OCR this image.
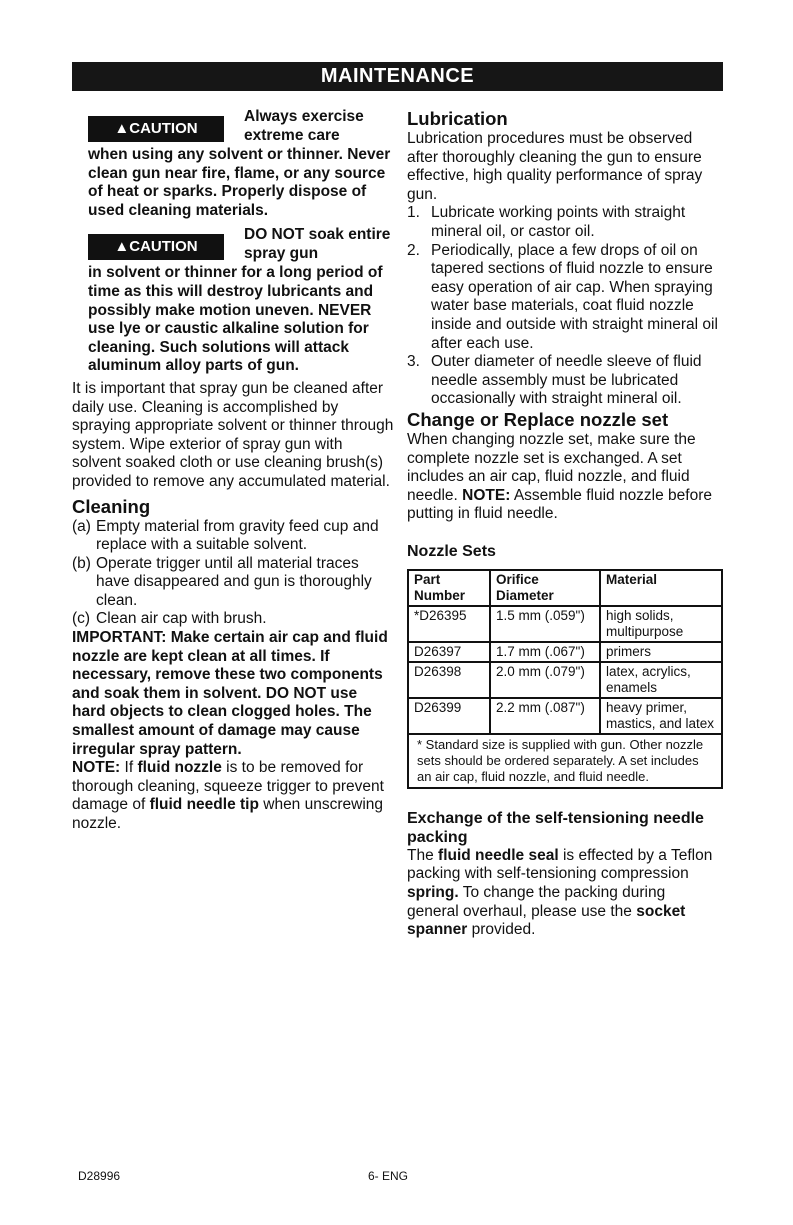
MAINTENANCE
▲CAUTION

Always exercise extreme care

when using any solvent or thinner. Never clean gun near fire, flame, or any source of heat or sparks. Properly dispose of used cleaning materials.

▲CAUTION

DO NOT soak entire spray gun

in solvent or thinner for a long period of time as this will destroy lubricants and possibly make motion uneven. NEVER use lye or caustic alkaline solution for cleaning. Such solutions will attack aluminum alloy parts of gun.

It is important that spray gun be cleaned after daily use. Cleaning is accomplished by spraying appropriate solvent or thinner through system. Wipe exterior of spray gun with solvent soaked cloth or use cleaning brush(s) provided to remove any accumulated material.

Cleaning
(a) Empty material from gravity feed cup and replace with a suitable solvent.
(b) Operate trigger until all material traces have disappeared and gun is thoroughly clean.
(c) Clean air cap with brush.

IMPORTANT: Make certain air cap and fluid nozzle are kept clean at all times. If necessary, remove these two components and soak them in solvent. DO NOT use hard objects to clean clogged holes. The smallest amount of damage may cause irregular spray pattern.

NOTE: If fluid nozzle is to be removed for thorough cleaning, squeeze trigger to prevent damage of fluid needle tip when unscrewing nozzle.

Lubrication

Lubrication procedures must be observed after thoroughly cleaning the gun to ensure effective, high quality performance of spray gun.

1. Lubricate working points with straight mineral oil, or castor oil.
2. Periodically, place a few drops of oil on tapered sections of fluid nozzle to ensure easy operation of air cap. When spraying water base materials, coat fluid nozzle inside and outside with straight mineral oil after each use.
3. Outer diameter of needle sleeve of fluid needle assembly must be lubricated occasionally with straight mineral oil.
Change or Replace nozzle set

When changing nozzle set, make sure the complete nozzle set is exchanged. A set includes an air cap, fluid nozzle, and fluid needle. NOTE: Assemble fluid nozzle before putting in fluid needle.

Nozzle Sets
Part Number	Orifice Diameter	Material
*D26395	1.5 mm (.059")	high solids, multipurpose
D26397	1.7 mm (.067")	primers
D26398	2.0 mm (.079")	latex, acrylics, enamels
D26399	2.2 mm (.087")	heavy primer, mastics, and latex
* Standard size is supplied with gun. Other nozzle sets should be ordered separately. A set includes an air cap, fluid nozzle, and fluid needle.		
Exchange of the self-tensioning needle packing

The fluid needle seal is effected by a Teflon packing with self-tensioning compression spring. To change the packing during general overhaul, please use the socket spanner provided.

D28996	6- ENG
